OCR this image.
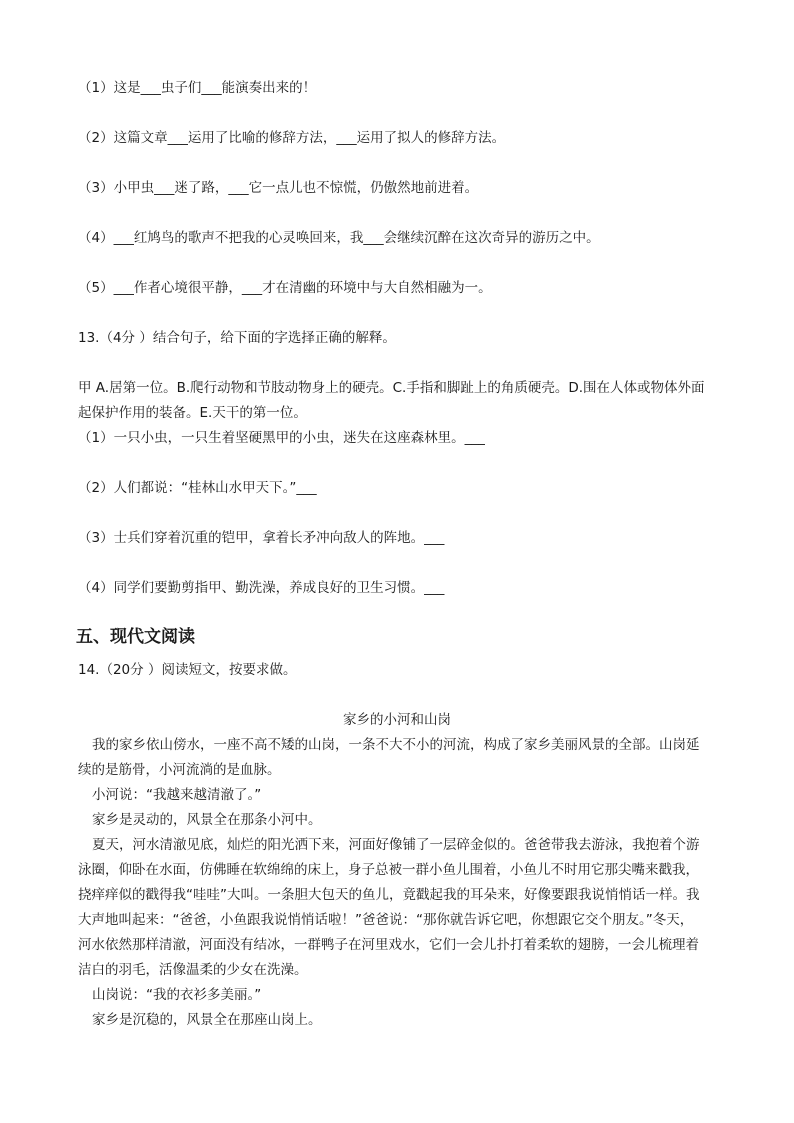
（1）这是___虫子们___能演奏出来的！
（2）这篇文章___运用了比喻的修辞方法，___运用了拟人的修辞方法。
（3）小甲虫___迷了路，___它一点儿也不惊慌，仍傲然地前进着。
（4）___红鸠鸟的歌声不把我的心灵唤回来，我___会继续沉醉在这次奇异的游历之中。
（5）___作者心境很平静，___才在清幽的环境中与大自然相融为一。
13.（4分 ）结合句子，给下面的字选择正确的解释。
甲 A.居第一位。B.爬行动物和节肢动物身上的硬壳。C.手指和脚趾上的角质硬壳。D.围在人体或物体外面
起保护作用的装备。E.天干的第一位。
（1）一只小虫，一只生着坚硬黑甲的小虫，迷失在这座森林里。___
（2）人们都说：“桂林山水甲天下。”___
（3）士兵们穿着沉重的铠甲，拿着长矛冲向敌人的阵地。___
（4）同学们要勤剪指甲、勤洗澡，养成良好的卫生习惯。___
五、现代文阅读
14.（20分 ）阅读短文，按要求做。
家乡的小河和山岗
我的家乡依山傍水，一座不高不矮的山岗，一条不大不小的河流，构成了家乡美丽风景的全部。山岗延
续的是筋骨，小河流淌的是血脉。
小河说：“我越来越清澈了。”
家乡是灵动的，风景全在那条小河中。
夏天，河水清澈见底，灿烂的阳光洒下来，河面好像铺了一层碎金似的。爸爸带我去游泳，我抱着个游
泳圈，仰卧在水面，仿佛睡在软绵绵的床上，身子总被一群小鱼儿围着，小鱼儿不时用它那尖嘴来戳我，
挠痒痒似的戳得我“哇哇”大叫。一条胆大包天的鱼儿，竟戳起我的耳朵来，好像要跟我说悄悄话一样。我
大声地叫起来：“爸爸，小鱼跟我说悄悄话啦！”爸爸说：“那你就告诉它吧，你想跟它交个朋友。”冬天，
河水依然那样清澈，河面没有结冰，一群鸭子在河里戏水，它们一会儿扑打着柔软的翅膀，一会儿梳理着
洁白的羽毛，活像温柔的少女在洗澡。
山岗说：“我的衣衫多美丽。”
家乡是沉稳的，风景全在那座山岗上。
